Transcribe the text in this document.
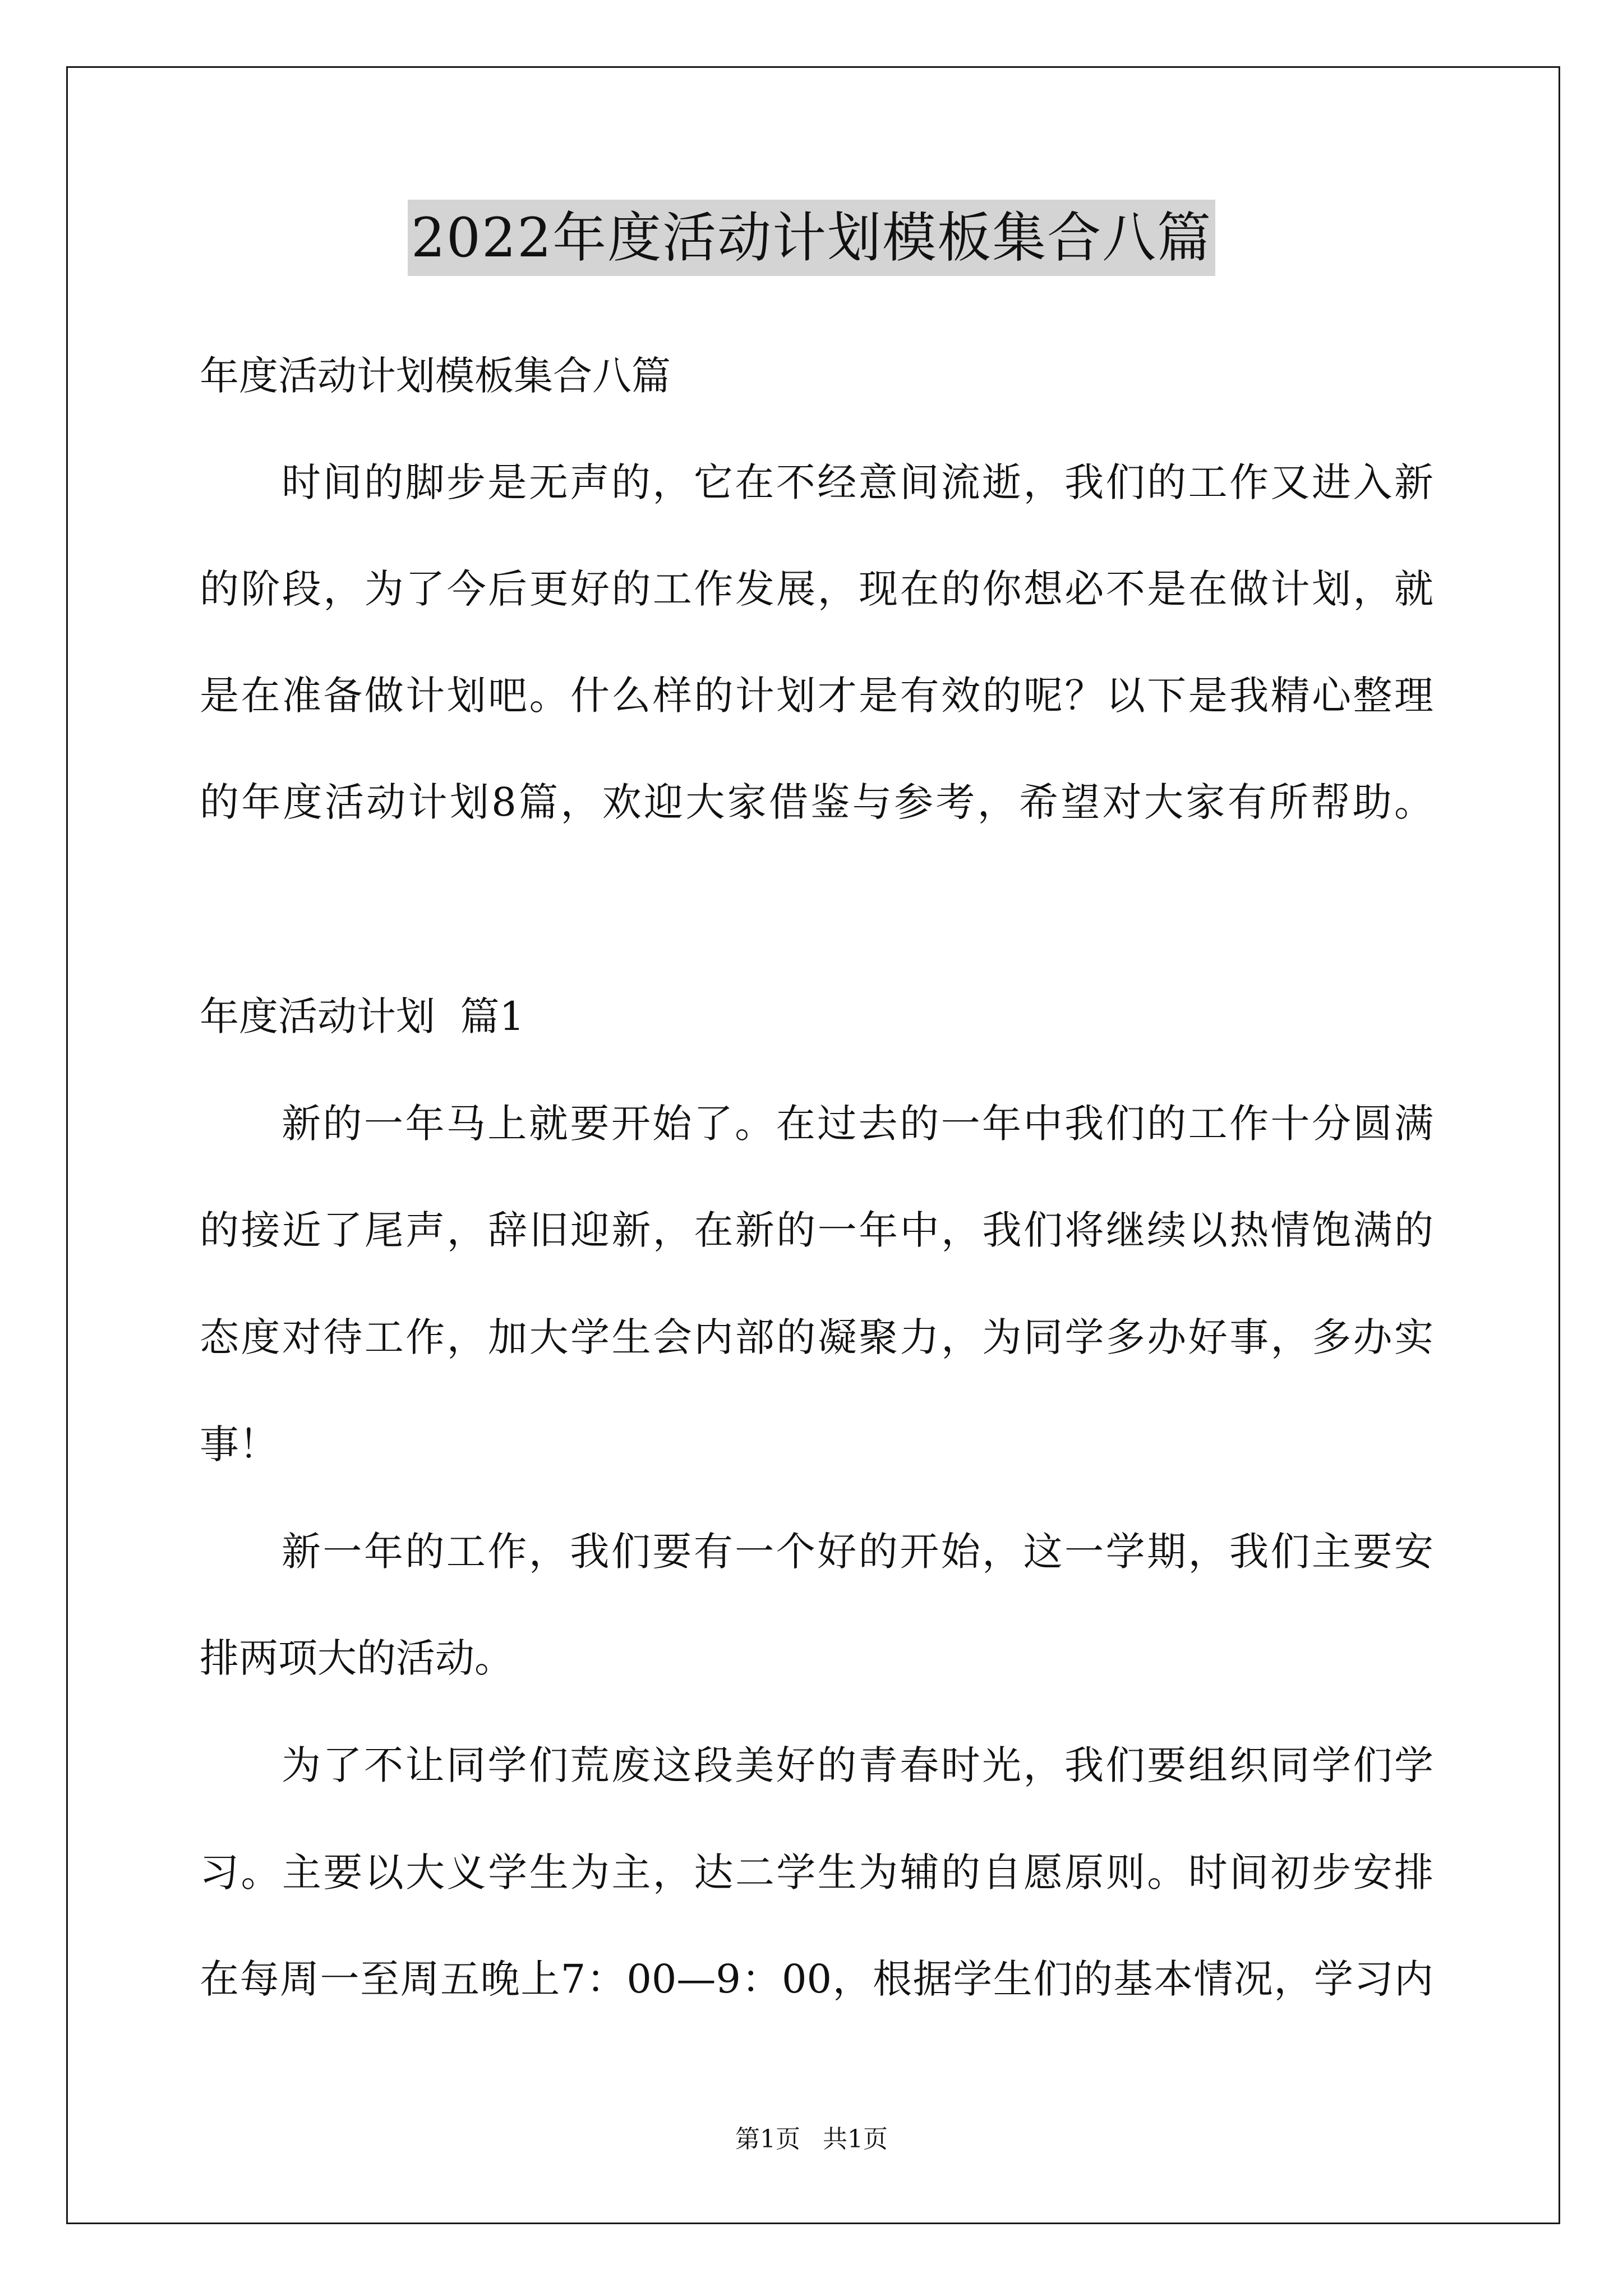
2022年度活动计划模板集合八篇
年度活动计划模板集合八篇
时间的脚步是无声的，它在不经意间流逝，我们的工作又进入新
的阶段，为了今后更好的工作发展，现在的你想必不是在做计划，就
是在准备做计划吧。什么样的计划才是有效的呢？以下是我精心整理
的年度活动计划8篇，欢迎大家借鉴与参考，希望对大家有所帮助。
年度活动计划  篇1
新的一年马上就要开始了。在过去的一年中我们的工作十分圆满
的接近了尾声，辞旧迎新，在新的一年中，我们将继续以热情饱满的
态度对待工作，加大学生会内部的凝聚力，为同学多办好事，多办实
事！
新一年的工作，我们要有一个好的开始，这一学期，我们主要安
排两项大的活动。
为了不让同学们荒废这段美好的青春时光，我们要组织同学们学
习。主要以大义学生为主，达二学生为辅的自愿原则。时间初步安排
在每周一至周五晚上7：00—9：00，根据学生们的基本情况，学习内
第1页 共1页
